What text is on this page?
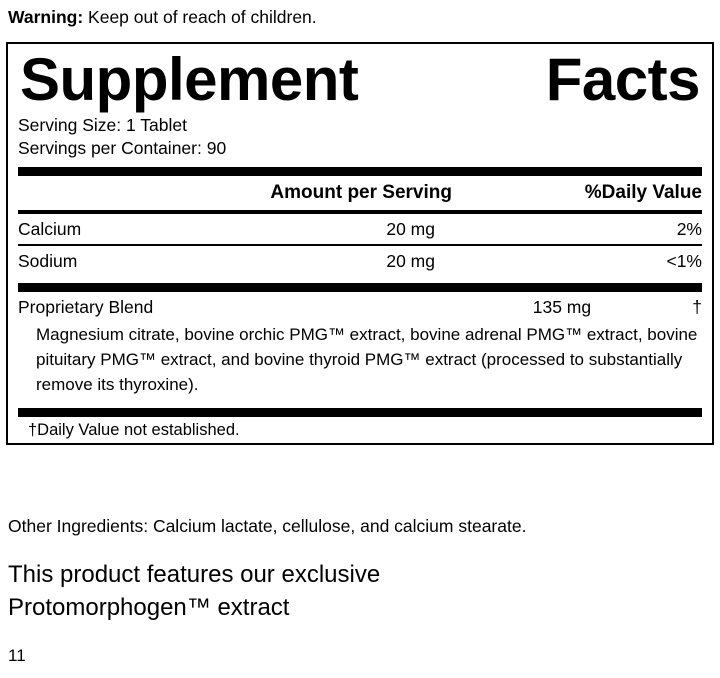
Warning: Keep out of reach of children.
Supplement	Facts
Serving Size: 1 Tablet
Servings per Container: 90
	Amount per Serving	%Daily Value

Calcium	20 mg	2%

Sodium	20 mg	<1%
Proprietary Blend	135 mg	†
Magnesium citrate, bovine orchic PMG™ extract, bovine adrenal PMG™ extract, bovine pituitary PMG™ extract, and bovine thyroid PMG™ extract (processed to substantially remove its thyroxine).
†Daily Value not established.
Other Ingredients: Calcium lactate, cellulose, and calcium stearate.
This product features our exclusive
Protomorphogen™ extract
11
